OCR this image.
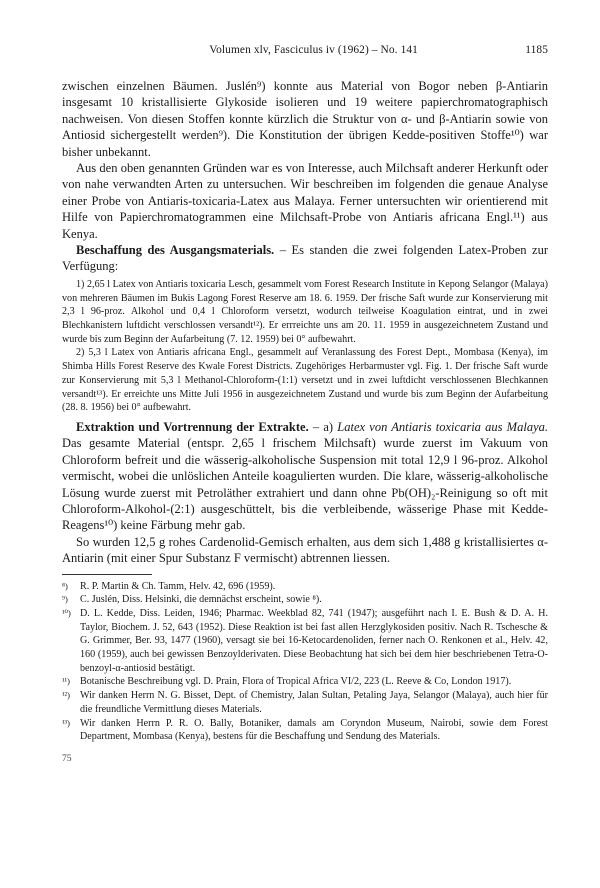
Volumen xlv, Fasciculus iv (1962) – No. 141	1185

zwischen einzelnen Bäumen. Juslén⁹) konnte aus Material von Bogor neben β-Antiarin insgesamt 10 kristallisierte Glykoside isolieren und 19 weitere papierchromatographisch nachweisen. Von diesen Stoffen konnte kürzlich die Struktur von α- und β-Antiarin sowie von Antiosid sichergestellt werden⁹). Die Konstitution der übrigen Kedde-positiven Stoffe¹⁰) war bisher unbekannt.

Aus den oben genannten Gründen war es von Interesse, auch Milchsaft anderer Herkunft oder von nahe verwandten Arten zu untersuchen. Wir beschreiben im folgenden die genaue Analyse einer Probe von Antiaris-toxicaria-Latex aus Malaya. Ferner untersuchten wir orientierend mit Hilfe von Papierchromatogrammen eine Milchsaft-Probe von Antiaris africana Engl.¹¹) aus Kenya.

Beschaffung des Ausgangsmaterials. – Es standen die zwei folgenden Latex-Proben zur Verfügung:

1) 2,65 l Latex von Antiaris toxicaria Lesch, gesammelt vom Forest Research Institute in Kepong Selangor (Malaya) von mehreren Bäumen im Bukis Lagong Forest Reserve am 18. 6. 1959. Der frische Saft wurde zur Konservierung mit 2,3 l 96-proz. Alkohol und 0,4 l Chloroform versetzt, wodurch teilweise Koagulation eintrat, und in zwei Blechkanistern luftdicht verschlossen versandt¹²). Er errreichte uns am 20. 11. 1959 in ausgezeichnetem Zustand und wurde bis zum Beginn der Aufarbeitung (7. 12. 1959) bei 0° aufbewahrt.

2) 5,3 l Latex von Antiaris africana Engl., gesammelt auf Veranlassung des Forest Dept., Mombasa (Kenya), im Shimba Hills Forest Reserve des Kwale Forest Districts. Zugehöriges Herbarmuster vgl. Fig. 1. Der frische Saft wurde zur Konservierung mit 5,3 l Methanol-Chloroform-(1:1) versetzt und in zwei luftdicht verschlossenen Blechkannen versandt¹³). Er erreichte uns Mitte Juli 1956 in ausgezeichnetem Zustand und wurde bis zum Beginn der Aufarbeitung (28. 8. 1956) bei 0° aufbewahrt.

Extraktion und Vortrennung der Extrakte. – a) Latex von Antiaris toxicaria aus Malaya. Das gesamte Material (entspr. 2,65 l frischem Milchsaft) wurde zuerst im Vakuum von Chloroform befreit und die wässerig-alkoholische Suspension mit total 12,9 l 96-proz. Alkohol vermischt, wobei die unlöslichen Anteile koagulierten wurden. Die klare, wässerig-alkoholische Lösung wurde zuerst mit Petroläther extrahiert und dann ohne Pb(OH)₂-Reinigung so oft mit Chloroform-Alkohol-(2:1) ausgeschüttelt, bis die verbleibende, wässerige Phase mit Kedde-Reagens¹⁰) keine Färbung mehr gab.

So wurden 12,5 g rohes Cardenolid-Gemisch erhalten, aus dem sich 1,488 g kristallisiertes α-Antiarin (mit einer Spur Substanz F vermischt) abtrennen liessen.

⁸)	R. P. Martin & Ch. Tamm, Helv. 42, 696 (1959).
⁹)	C. Juslén, Diss. Helsinki, die demnächst erscheint, sowie ⁸).
¹⁰) D. L. Kedde, Diss. Leiden, 1946; Pharmac. Weekblad 82, 741 (1947); ausgeführt nach I. E. Bush & D. A. H. Taylor, Biochem. J. 52, 643 (1952). Diese Reaktion ist bei fast allen Herzglykosiden positiv. Nach R. Tschesche & G. Grimmer, Ber. 93, 1477 (1960), versagt sie bei 16-Ketocardenoliden, ferner nach O. Renkonen et al., Helv. 42, 160 (1959), auch bei gewissen Benzoylderivaten. Diese Beobachtung hat sich bei dem hier beschriebenen Tetra-O-benzoyl-α-antiosid bestätigt.
¹¹) Botanische Beschreibung vgl. D. Prain, Flora of Tropical Africa VI/2, 223 (L. Reeve & Co, London 1917).
¹²) Wir danken Herrn N. G. Bisset, Dept. of Chemistry, Jalan Sultan, Petaling Jaya, Selangor (Malaya), auch hier für die freundliche Vermittlung dieses Materials.
¹³) Wir danken Herrn P. R. O. Bally, Botaniker, damals am Coryndon Museum, Nairobi, sowie dem Forest Department, Mombasa (Kenya), bestens für die Beschaffung und Sendung des Materials.
75
